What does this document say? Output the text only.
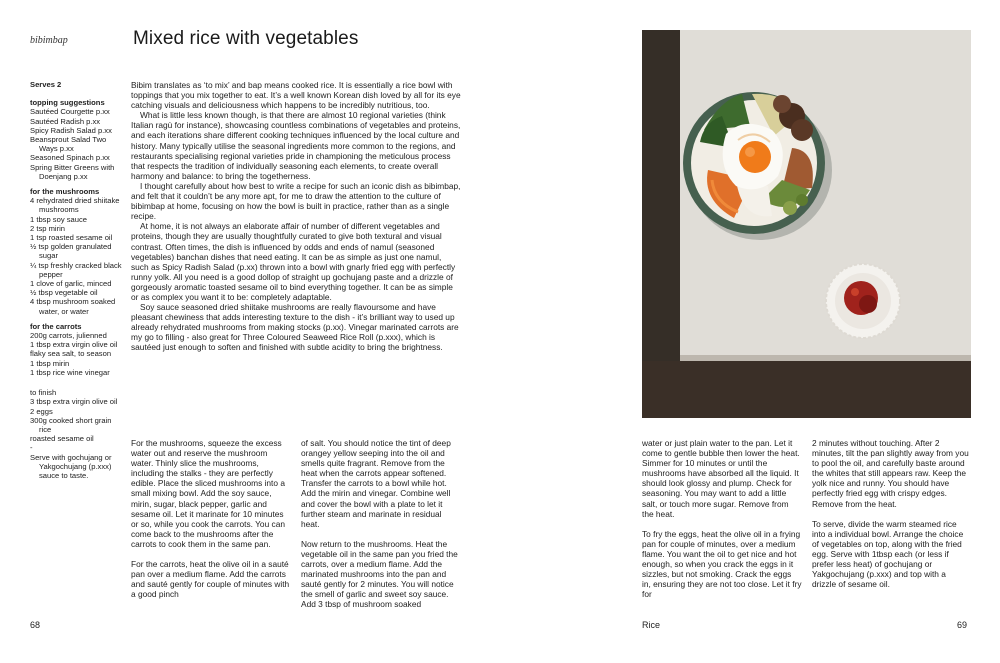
bibimbap	Mixed rice with vegetables
Serves 2
topping suggestions
Sautéed Courgette p.xx
Sautéed Radish p.xx
Spicy Radish Salad p.xx
Beansprout Salad Two Ways p.xx
Seasoned Spinach p.xx
Spring Bitter Greens with Doenjang p.xx
for the mushrooms
4 rehydrated dried shiitake mushrooms
1 tbsp soy sauce
2 tsp mirin
1 tsp roasted sesame oil
½ tsp golden granulated sugar
¼ tsp freshly cracked black pepper
1 clove of garlic, minced
½ tbsp vegetable oil
4 tbsp mushroom soaked water, or water
for the carrots
200g carrots, julienned
1 tbsp extra virgin olive oil
flaky sea salt, to season
1 tbsp mirin
1 tbsp rice wine vinegar
to finish
3 tbsp extra virgin olive oil
2 eggs
300g cooked short grain rice
roasted sesame oil
-
Serve with gochujang or Yakgochujang (p.xxx) sauce to taste.

Bibim translates as ‘to mix’ and bap means cooked rice. It is essentially a rice bowl with toppings that you mix together to eat. It’s a well known Korean dish loved by all for its eye catching visuals and deliciousness which happens to be incredibly nutritious, too.

What is little less known though, is that there are almost 10 regional varieties (think Italian ragù for instance), showcasing countless combinations of vegetables and proteins, and each iterations share different cooking techniques influenced by the local culture and history. Many typically utilise the seasonal ingredients more common to the regions, and restaurants specialising regional varieties pride in championing the meticulous process that respects the tradition of individually seasoning each elements, to create overall harmony and balance: to bring the togetherness.

I thought carefully about how best to write a recipe for such an iconic dish as bibimbap, and felt that it couldn’t be any more apt, for me to draw the attention to the culture of bibimbap at home, focusing on how the bowl is built in practice, rather than as a single recipe.

At home, it is not always an elaborate affair of number of different vegetables and proteins, though they are usually thoughtfully curated to give both textural and visual contrast. Often times, the dish is influenced by odds and ends of namul (seasoned vegetables) banchan dishes that need eating. It can be as simple as just one namul, such as Spicy Radish Salad (p.xx) thrown into a bowl with gnarly fried egg with perfectly runny yolk. All you need is a good dollop of straight up gochujang paste and a drizzle of gorgeously aromatic toasted sesame oil to bind everything together. It can be as simple or as complex you want it to be: completely adaptable.

Soy sauce seasoned dried shiitake mushrooms are really flavoursome and have pleasant chewiness that adds interesting texture to the dish - it’s brilliant way to used up already rehydrated mushrooms from making stocks (p.xx). Vinegar marinated carrots are my go to filling - also great for Three Coloured Seaweed Rice Roll (p.xxx), which is sautéed just enough to soften and finished with subtle acidity to bring the brightness.

For the mushrooms, squeeze the excess water out and reserve the mushroom water. Thinly slice the mushrooms, including the stalks - they are perfectly edible. Place the sliced mushrooms into a small mixing bowl. Add the soy sauce, mirin, sugar, black pepper, garlic and sesame oil. Let it marinate for 10 minutes or so, while you cook the carrots. You can come back to the mushrooms after the carrots to cook them in the same pan.

For the carrots, heat the olive oil in a sauté pan over a medium flame. Add the carrots and sauté gently for couple of minutes with a good pinch

of salt. You should notice the tint of deep orangey yellow seeping into the oil and smells quite fragrant. Remove from the heat when the carrots appear softened. Transfer the carrots to a bowl while hot. Add the mirin and vinegar. Combine well and cover the bowl with a plate to let it further steam and marinate in residual heat.

Now return to the mushrooms. Heat the vegetable oil in the same pan you fried the carrots, over a medium flame. Add the marinated mushrooms into the pan and sauté gently for 2 minutes. You will notice the smell of garlic and sweet soy sauce. Add 3 tbsp of mushroom soaked

68

water or just plain water to the pan. Let it come to gentle bubble then lower the heat. Simmer for 10 minutes or until the mushrooms have absorbed all the liquid. It should look glossy and plump. Check for seasoning. You may want to add a little salt, or touch more sugar. Remove from the heat.

To fry the eggs, heat the olive oil in a frying pan for couple of minutes, over a medium flame. You want the oil to get nice and hot enough, so when you crack the eggs in it sizzles, but not smoking. Crack the eggs in, ensuring they are not too close. Let it fry for

2 minutes without touching. After 2 minutes, tilt the pan slightly away from you to pool the oil, and carefully baste around the whites that still appears raw. Keep the yolk nice and runny. You should have perfectly fried egg with crispy edges. Remove from the heat.

To serve, divide the warm steamed rice into a individual bowl. Arrange the choice of vegetables on top, along with the fried egg. Serve with 1tbsp each (or less if prefer less heat) of gochujang or Yakgochujang (p.xxx) and top with a drizzle of sesame oil.

Rice	69
